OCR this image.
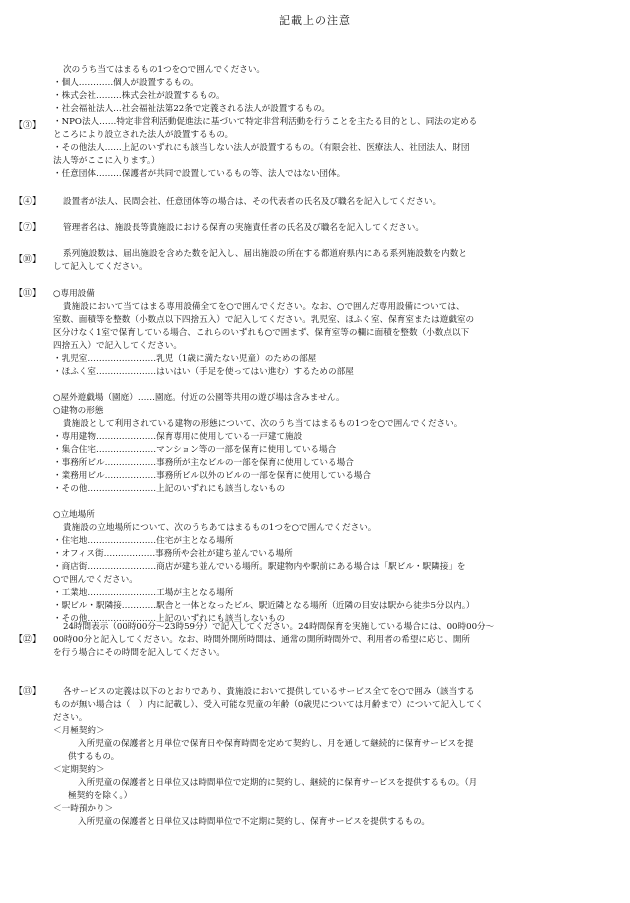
記載上の注意
【③】
【④】
【⑦】
【⑩】
【⑪】
【⑫】
【⑬】
次のうち当てはまるもの1つを○で囲んでください。
・個人…………個人が設置するもの。
・株式会社………株式会社が設置するもの。
・社会福祉法人…社会福祉法第22条で定義される法人が設置するもの。
・NPO法人……特定非営利活動促進法に基づいて特定非営利活動を行うことを主たる目的とし、同法の定める
ところにより設立された法人が設置するもの。
・その他法人……上記のいずれにも該当しない法人が設置するもの。（有限会社、医療法人、社団法人、財団
法人等がここに入ります。）
・任意団体………保護者が共同で設置しているもの等、法人ではない団体。
設置者が法人、民間会社、任意団体等の場合は、その代表者の氏名及び職名を記入してください。
管理者名は、施設長等貴施設における保育の実施責任者の氏名及び職名を記入してください。
系列施設数は、届出施設を含めた数を記入し、届出施設の所在する都道府県内にある系列施設数を内数と
して記入してください。
○専用設備
貴施設において当てはまる専用設備全てを○で囲んでください。なお、○で囲んだ専用設備については、
室数、面積等を整数（小数点以下四捨五入）で記入してください。乳児室、ほふく室、保育室または遊戯室の
区分けなく1室で保育している場合、これらのいずれも○で囲まず、保育室等の欄に面積を整数（小数点以下
四捨五入）で記入してください。
・乳児室……………………乳児（1歳に満たない児童）のための部屋
・ほふく室…………………はいはい（手足を使ってはい進む）するための部屋
○屋外遊戯場（園庭）……園庭。付近の公園等共用の遊び場は含みません。
○建物の形態
貴施設として利用されている建物の形態について、次のうち当てはまるもの1つを○で囲んでください。
・専用建物…………………保育専用に使用している一戸建て施設
・集合住宅…………………マンション等の一部を保育に使用している場合
・事務所ビル………………事務所が主なビルの一部を保育に使用している場合
・業務用ビル………………事務所ビル以外のビルの一部を保育に使用している場合
・その他……………………上記のいずれにも該当しないもの
○立地場所
貴施設の立地場所について、次のうちあてはまるもの1つを○で囲んでください。
・住宅地……………………住宅が主となる場所
・オフィス街………………事務所や会社が建ち並んでいる場所
・商店街……………………商店が建ち並んでいる場所。駅建物内や駅前にある場合は「駅ビル・駅隣接」を
○で囲んでください。
・工業地……………………工場が主となる場所
・駅ビル・駅隣接…………駅舎と一体となったビル、駅近隣となる場所（近隣の目安は駅から徒歩5分以内。）
・その他……………………上記のいずれにも該当しないもの
24時間表示（00時00分～23時59分）で記入してください。24時間保育を実施している場合には、00時00分～
00時00分と記入してください。なお、時間外開所時間は、通常の開所時間外で、利用者の希望に応じ、開所
を行う場合にその時間を記入してください。
各サービスの定義は以下のとおりであり、貴施設において提供しているサービス全てを○で囲み（該当する
ものが無い場合は（　）内に記載し）、受入可能な児童の年齢（0歳児については月齢まで）について記入してく
ださい。
＜月極契約＞
入所児童の保護者と月単位で保育日や保育時間を定めて契約し、月を通して継続的に保育サービスを提
供するもの。
＜定期契約＞
入所児童の保護者と日単位又は時間単位で定期的に契約し、継続的に保育サービスを提供するもの。（月
極契約を除く。）
＜一時預かり＞
入所児童の保護者と日単位又は時間単位で不定期に契約し、保育サービスを提供するもの。
